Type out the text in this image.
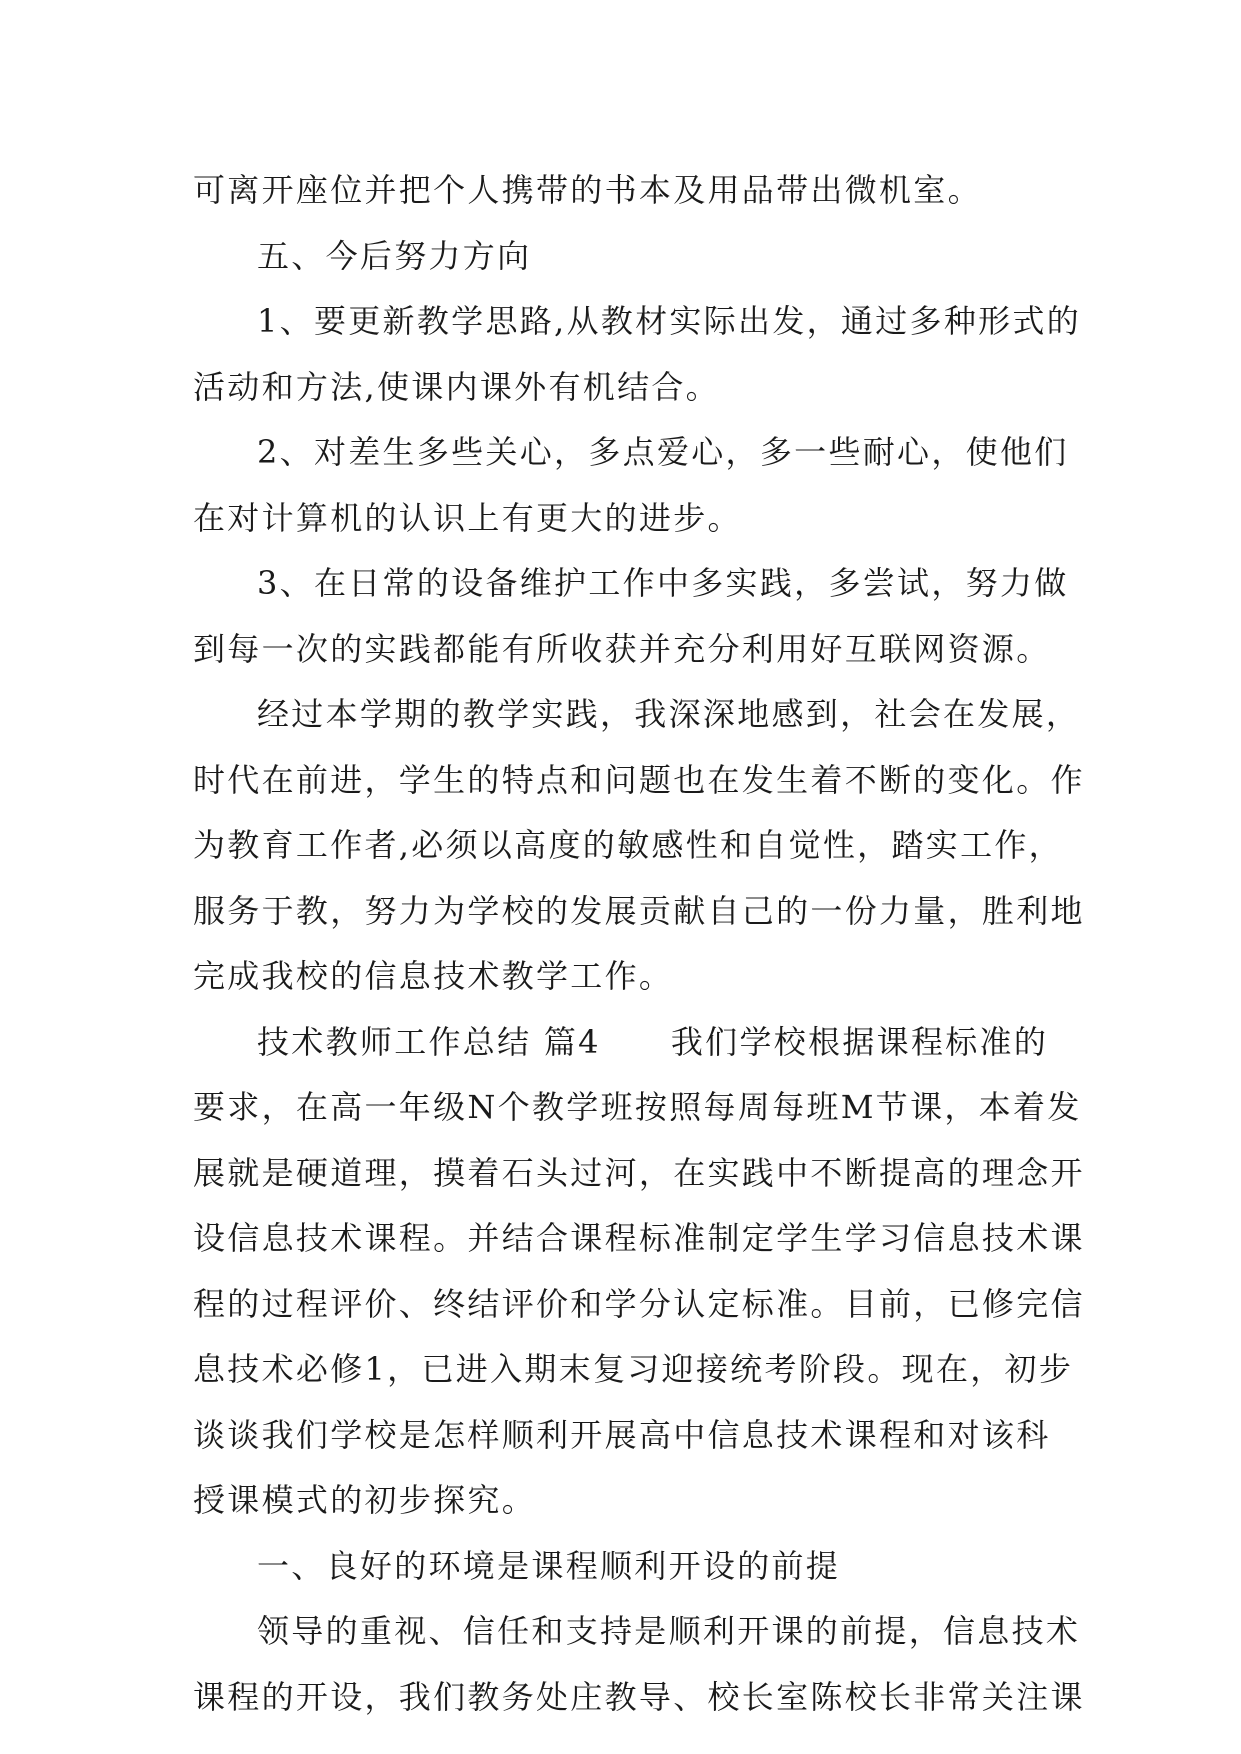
可离开座位并把个人携带的书本及用品带出微机室。
五、今后努力方向
1、要更新教学思路,从教材实际出发，通过多种形式的
活动和方法,使课内课外有机结合。
2、对差生多些关心，多点爱心，多一些耐心，使他们
在对计算机的认识上有更大的进步。
3、在日常的设备维护工作中多实践，多尝试，努力做
到每一次的实践都能有所收获并充分利用好互联网资源。
经过本学期的教学实践，我深深地感到，社会在发展，
时代在前进，学生的特点和问题也在发生着不断的变化。作
为教育工作者,必须以高度的敏感性和自觉性，踏实工作，
服务于教，努力为学校的发展贡献自己的一份力量，胜利地
完成我校的信息技术教学工作。
技术教师工作总结 篇4 我们学校根据课程标准的
要求，在高一年级N个教学班按照每周每班M节课，本着发
展就是硬道理，摸着石头过河，在实践中不断提高的理念开
设信息技术课程。并结合课程标准制定学生学习信息技术课
程的过程评价、终结评价和学分认定标准。目前，已修完信
息技术必修1，已进入期末复习迎接统考阶段。现在，初步
谈谈我们学校是怎样顺利开展高中信息技术课程和对该科
授课模式的初步探究。
一、良好的环境是课程顺利开设的前提
领导的重视、信任和支持是顺利开课的前提，信息技术
课程的开设，我们教务处庄教导、校长室陈校长非常关注课
